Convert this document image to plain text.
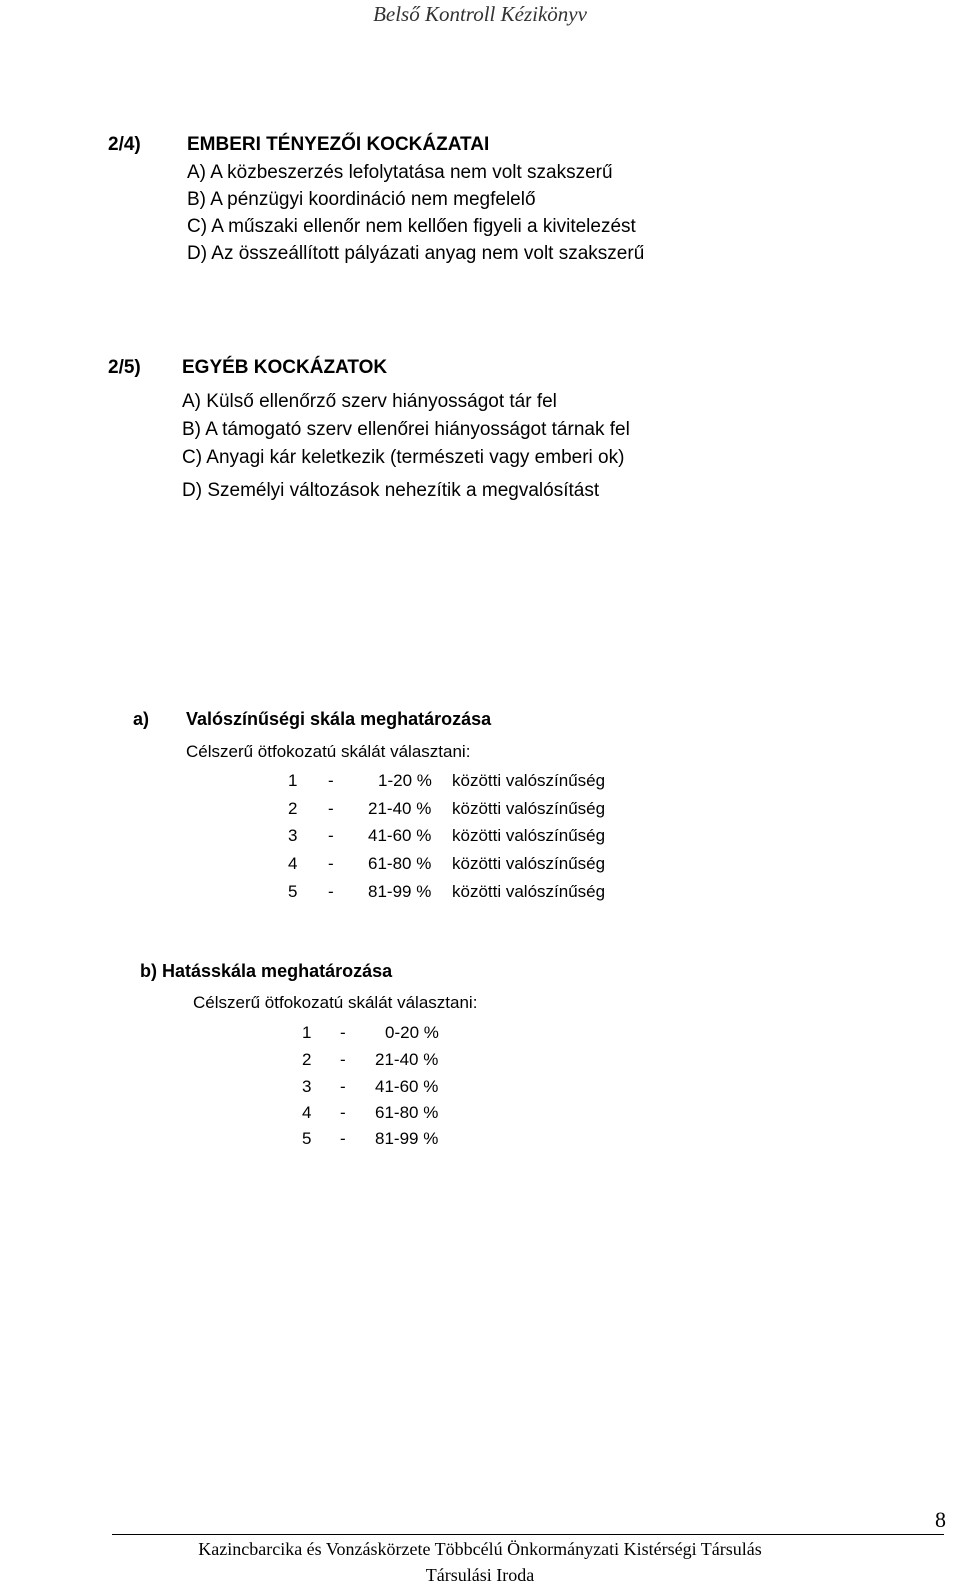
Belső Kontroll Kézikönyv
2/4) EMBERI TÉNYEZŐI KOCKÁZATAI
A) A közbeszerzés lefolytatása nem volt szakszerű
B) A pénzügyi koordináció nem megfelelő
C) A műszaki ellenőr nem kellően figyeli a kivitelezést
D) Az összeállított pályázati anyag nem volt szakszerű
2/5) EGYÉB KOCKÁZATOK
A) Külső ellenőrző szerv hiányosságot tár fel
B) A támogató szerv ellenőrei hiányosságot tárnak fel
C) Anyagi kár keletkezik (természeti vagy emberi ok)
D) Személyi változások nehezítik a megvalósítást
a) Valószínűségi skála meghatározása
Célszerű ötfokozatú skálát választani:
1 -	1-20 % közötti valószínűség
2 - 21-40 % közötti valószínűség
3 - 41-60 % közötti valószínűség
4 - 61-80 % közötti valószínűség
5 - 81-99 % közötti valószínűség
b) Hatásskála meghatározása
Célszerű ötfokozatú skálát választani:
1 - 0-20 %
2 - 21-40 %
3 - 41-60 %
4 - 61-80 %
5 - 81-99 %
8
Kazincbarcika és Vonzáskörzete Többcélú Önkormányzati Kistérségi Társulás
Társulási Iroda
